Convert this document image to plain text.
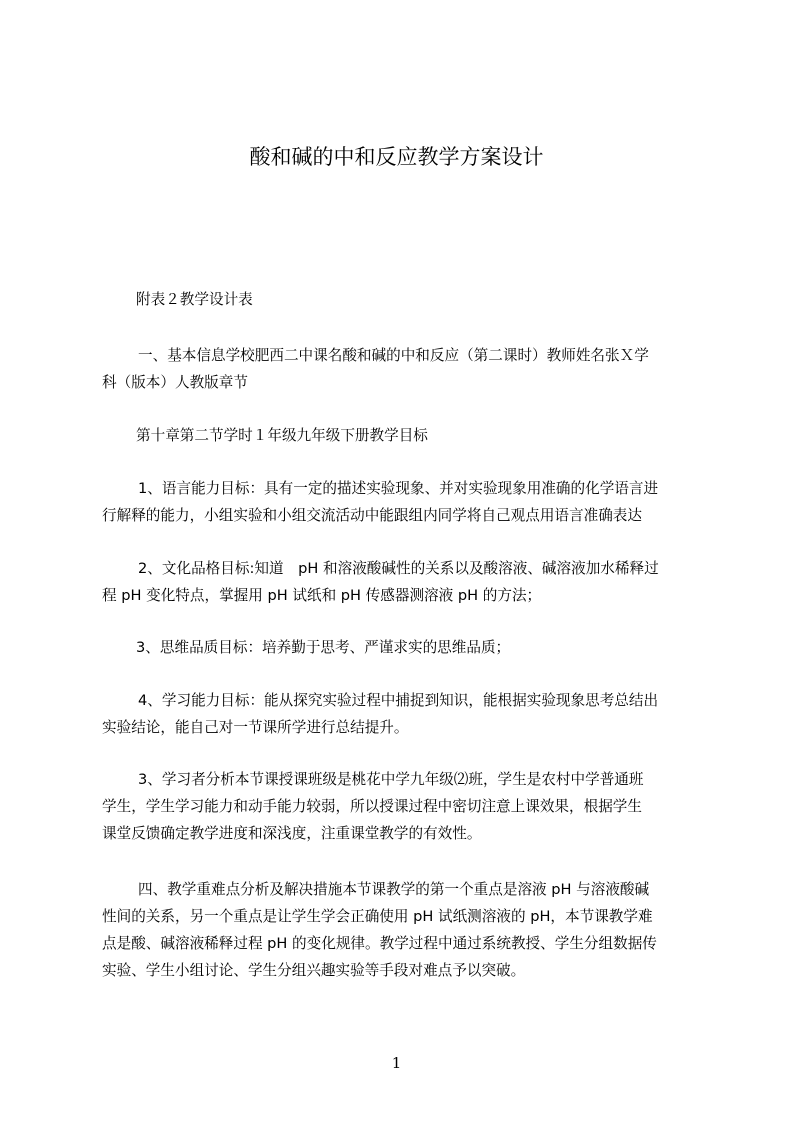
酸和碱的中和反应教学方案设计
附表２教学设计表
一、基本信息学校肥西二中课名酸和碱的中和反应（第二课时）教师姓名张Ｘ学
科（版本）人教版章节
第十章第二节学时１年级九年级下册教学目标
1、语言能力目标：具有一定的描述实验现象、并对实验现象用准确的化学语言进
行解释的能力，小组实验和小组交流活动中能跟组内同学将自己观点用语言准确表达
2、文化品格目标:知道　pH 和溶液酸碱性的关系以及酸溶液、碱溶液加水稀释过
程 pH 变化特点，掌握用 pH 试纸和 pH 传感器测溶液 pH 的方法；
3、思维品质目标：培养勤于思考、严谨求实的思维品质；
4、学习能力目标：能从探究实验过程中捕捉到知识，能根据实验现象思考总结出
实验结论，能自己对一节课所学进行总结提升。
3、学习者分析本节课授课班级是桃花中学九年级⑵班，学生是农村中学普通班
学生，学生学习能力和动手能力较弱，所以授课过程中密切注意上课效果，根据学生
课堂反馈确定教学进度和深浅度，注重课堂教学的有效性。
四、教学重难点分析及解决措施本节课教学的第一个重点是溶液 pH 与溶液酸碱
性间的关系，另一个重点是让学生学会正确使用 pH 试纸测溶液的 pH，本节课教学难
点是酸、碱溶液稀释过程 pH 的变化规律。教学过程中通过系统教授、学生分组数据传
实验、学生小组讨论、学生分组兴趣实验等手段对难点予以突破。
1
